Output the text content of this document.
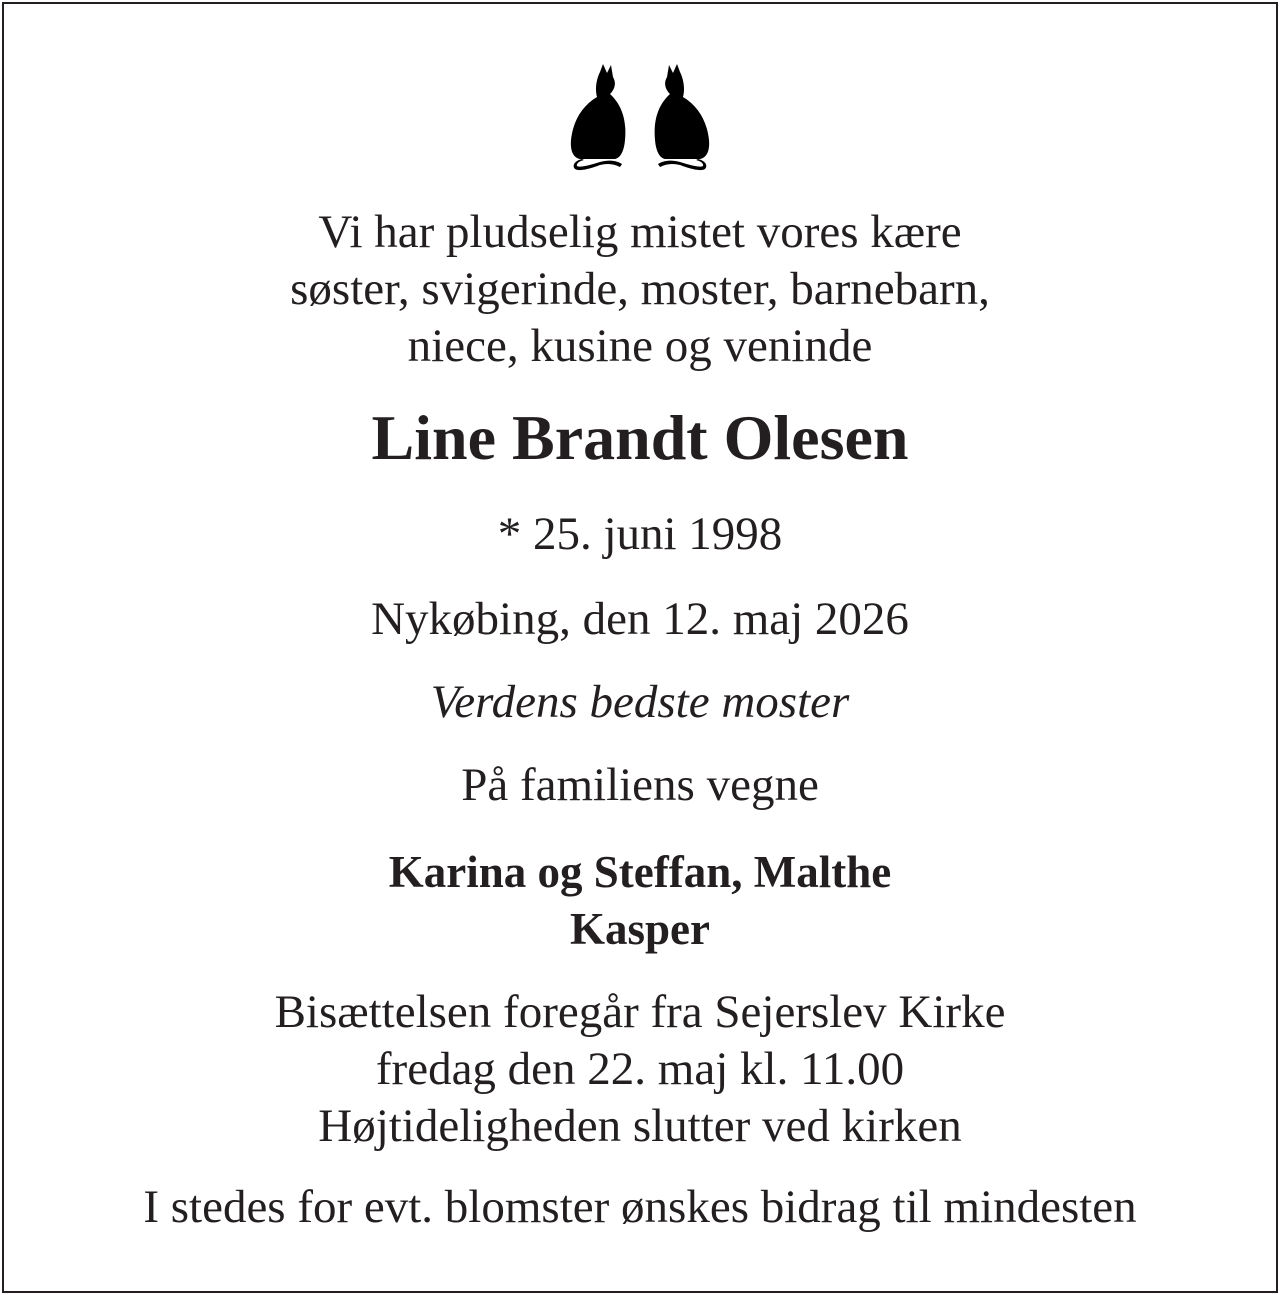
Vi har pludselig mistet vores kære
søster, svigerinde, moster, barnebarn,
niece, kusine og veninde
Line Brandt Olesen
* 25. juni 1998
Nykøbing, den 12. maj 2026
Verdens bedste moster
På familiens vegne
Karina og Steffan, Malthe
Kasper
Bisættelsen foregår fra Sejerslev Kirke
fredag den 22. maj kl. 11.00
Højtideligheden slutter ved kirken
I stedes for evt. blomster ønskes bidrag til mindesten
